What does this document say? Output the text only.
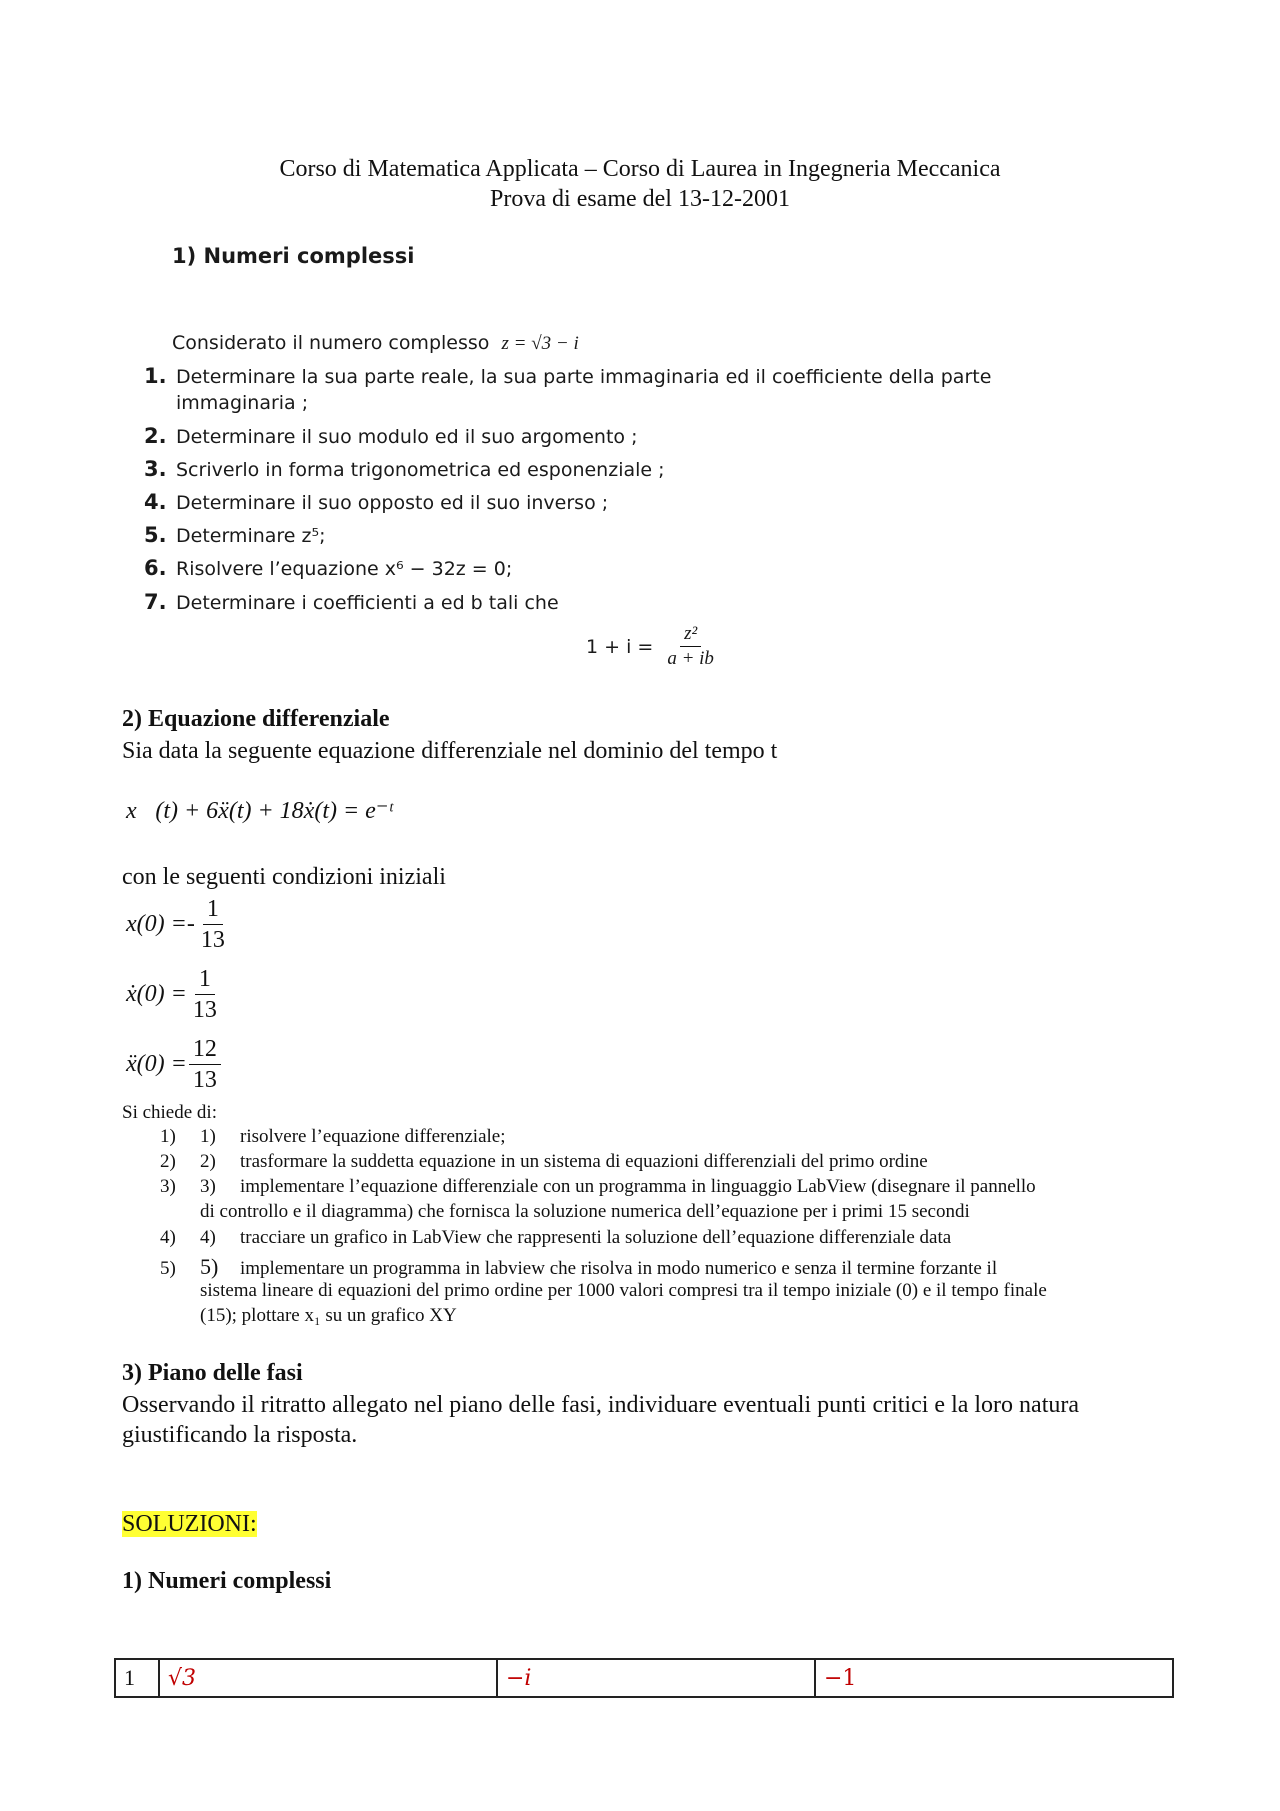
Corso di Matematica Applicata – Corso di Laurea in Ingegneria Meccanica
Prova di esame del 13-12-2001
1) Numeri complessi
Considerato il numero complesso z = √3 − i
1. Determinare la sua parte reale, la sua parte immaginaria ed il coefficiente della parte
immaginaria ;
2. Determinare il suo modulo ed il suo argomento ;
3. Scriverlo in forma trigonometrica ed esponenziale ;
4. Determinare il suo opposto ed il suo inverso ;
5. Determinare z⁵;
6. Risolvere l’equazione x⁶ − 32z = 0;
7. Determinare i coefficienti a ed b tali che
$1 + i = \frac{\text{z²}}{a + ib}$
2) Equazione differenziale
Sia data la seguente equazione differenziale nel dominio del tempo t
x⃛(t) + 6ẍ(t) + 18ẋ(t) = e⁻ᵗ
con le seguenti condizioni iniziali
$x(0) =- \frac{1}{13}$
ẋ(0) = $\frac{1}{13}$
ẍ(0) = $\frac{12}{13}$
Si chiede di:
1) 1) risolvere l’equazione differenziale;
2) 2) trasformare la suddetta equazione in un sistema di equazioni differenziali del primo ordine
3) 3) implementare l’equazione differenziale con un programma in linguaggio LabView (disegnare il pannello
di controllo e il diagramma) che fornisca la soluzione numerica dell’equazione per i primi 15 secondi
4) 4) tracciare un grafico in LabView che rappresenti la soluzione dell’equazione differenziale data
5) 5) implementare un programma in labview che risolva in modo numerico e senza il termine forzante il
sistema lineare di equazioni del primo ordine per 1000 valori compresi tra il tempo iniziale (0) e il tempo finale
(15); plottare x₁ su un grafico XY
3) Piano delle fasi
Osservando il ritratto allegato nel piano delle fasi, individuare eventuali punti critici e la loro natura
giustificando la risposta.
SOLUZIONI:
1) Numeri complessi
1	√3	−i	−1
